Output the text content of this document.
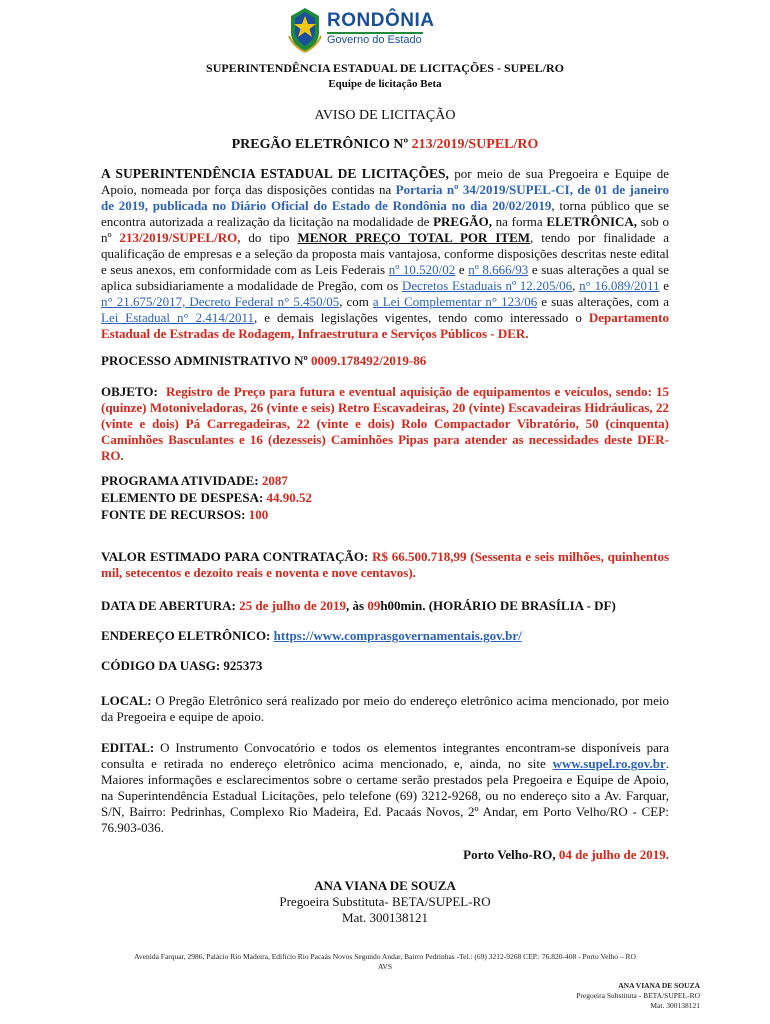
RONDÔNIA
Governo do Estado
SUPERINTENDÊNCIA ESTADUAL DE LICITAÇÕES - SUPEL/RO
Equipe de licitação Beta
AVISO DE LICITAÇÃO
PREGÃO ELETRÔNICO Nº 213/2019/SUPEL/RO
A SUPERINTENDÊNCIA ESTADUAL DE LICITAÇÕES, por meio de sua Pregoeira e Equipe de Apoio, nomeada por força das disposições contidas na Portaria nº 34/2019/SUPEL-CI, de 01 de janeiro de 2019, publicada no Diário Oficial do Estado de Rondônia no dia 20/02/2019, torna público que se encontra autorizada a realização da licitação na modalidade de PREGÃO, na forma ELETRÔNICA, sob o nº 213/2019/SUPEL/RO, do tipo MENOR PREÇO TOTAL POR ITEM, tendo por finalidade a qualificação de empresas e a seleção da proposta mais vantajosa, conforme disposições descritas neste edital e seus anexos, em conformidade com as Leis Federais nº 10.520/02 e nº 8.666/93 e suas alterações a qual se aplica subsidiariamente a modalidade de Pregão, com os Decretos Estaduais nº 12.205/06, n° 16.089/2011 e n° 21.675/2017, Decreto Federal n° 5.450/05, com a Lei Complementar n° 123/06 e suas alterações, com a Lei Estadual n° 2.414/2011, e demais legislações vigentes, tendo como interessado o Departamento Estadual de Estradas de Rodagem, Infraestrutura e Serviços Públicos - DER.
PROCESSO ADMINISTRATIVO Nº 0009.178492/2019-86
OBJETO: Registro de Preço para futura e eventual aquisição de equipamentos e veículos, sendo: 15 (quinze) Motoniveladoras, 26 (vinte e seis) Retro Escavadeiras, 20 (vinte) Escavadeiras Hidráulicas, 22 (vinte e dois) Pá Carregadeiras, 22 (vinte e dois) Rolo Compactador Vibratório, 50 (cinquenta) Caminhões Basculantes e 16 (dezesseis) Caminhões Pipas para atender as necessidades deste DER-RO.
PROGRAMA ATIVIDADE: 2087
ELEMENTO DE DESPESA: 44.90.52
FONTE DE RECURSOS: 100
VALOR ESTIMADO PARA CONTRATAÇÃO: R$ 66.500.718,99 (Sessenta e seis milhões, quinhentos mil, setecentos e dezoito reais e noventa e nove centavos).
DATA DE ABERTURA: 25 de julho de 2019, às 09h00min. (HORÁRIO DE BRASÍLIA - DF)
ENDEREÇO ELETRÔNICO: https://www.comprasgovernamentais.gov.br/
CÓDIGO DA UASG: 925373
LOCAL: O Pregão Eletrônico será realizado por meio do endereço eletrônico acima mencionado, por meio da Pregoeira e equipe de apoio.
EDITAL: O Instrumento Convocatório e todos os elementos integrantes encontram-se disponíveis para consulta e retirada no endereço eletrônico acima mencionado, e, ainda, no site www.supel.ro.gov.br. Maiores informações e esclarecimentos sobre o certame serão prestados pela Pregoeira e Equipe de Apoio, na Superintendência Estadual Licitações, pelo telefone (69) 3212-9268, ou no endereço sito a Av. Farquar, S/N, Bairro: Pedrinhas, Complexo Rio Madeira, Ed. Pacaás Novos, 2º Andar, em Porto Velho/RO - CEP: 76.903-036.
Porto Velho-RO, 04 de julho de 2019.
ANA VIANA DE SOUZA
Pregoeira Substituta- BETA/SUPEL-RO
Mat. 300138121
Avenida Farquar, 2986, Palácio Rio Madeira, Edifício Rio Pacaás Novos Segundo Andar, Bairro Pedrinhas -Tel.: (69) 3212-9268 CEP.: 76.820-408 - Porto Velho – RO
AVS
ANA VIANA DE SOUZA
Pregoeira Substituta - BETA/SUPEL-RO
Mat. 300138121
